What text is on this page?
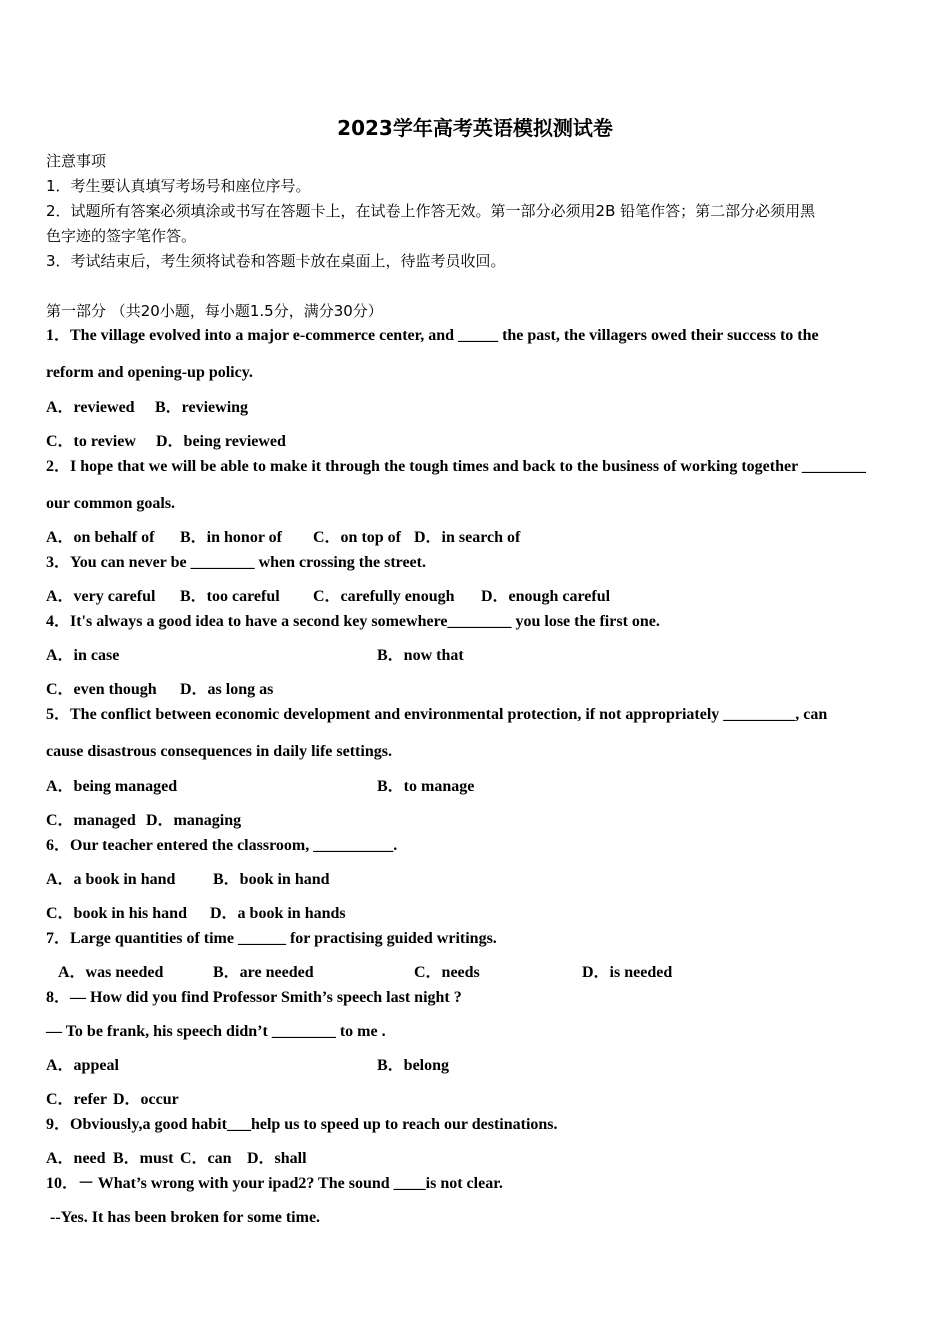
2023学年高考英语模拟测试卷
注意事项
1．考生要认真填写考场号和座位序号。
2．试题所有答案必须填涂或书写在答题卡上，在试卷上作答无效。第一部分必须用2B 铅笔作答；第二部分必须用黑
色字迹的签字笔作答。
3．考试结束后，考生须将试卷和答题卡放在桌面上，待监考员收回。
第一部分 （共20小题，每小题1.5分，满分30分）
1．The village evolved into a major e-commerce center, and _____ the past, the villagers owed their success to the
reform and opening-up policy.
A．reviewed B．reviewing
C．to review D．being reviewed
2．I hope that we will be able to make it through the tough times and back to the business of working together ________
our common goals.
A．on behalf of B．in honor of C．on top of D．in search of
3．You can never be ________ when crossing the street.
A．very careful B．too careful C．carefully enough D．enough careful
4．It's always a good idea to have a second key somewhere________ you lose the first one.
A．in case	B．now that
C．even though D．as long as
5．The conflict between economic development and environmental protection, if not appropriately _________, can
cause disastrous consequences in daily life settings.
A．being managed	B．to manage
C．managed D．managing
6．Our teacher entered the classroom, __________.
A．a book in hand B．book in hand
C．book in his hand D．a book in hands
7．Large quantities of time ______ for practising guided writings.
A．was needed	B．are needed	C．needs	D．is needed
8．— How did you find Professor Smith’s speech last night ?
— To be frank, his speech didn’t ________ to me .
A．appeal	B．belong
C．refer D．occur
9．Obviously,a good habit___help us to speed up to reach our destinations.
A．need B．must C．can D．shall
10．－ What’s wrong with your ipad2? The sound ____is not clear.
--Yes. It has been broken for some time.
